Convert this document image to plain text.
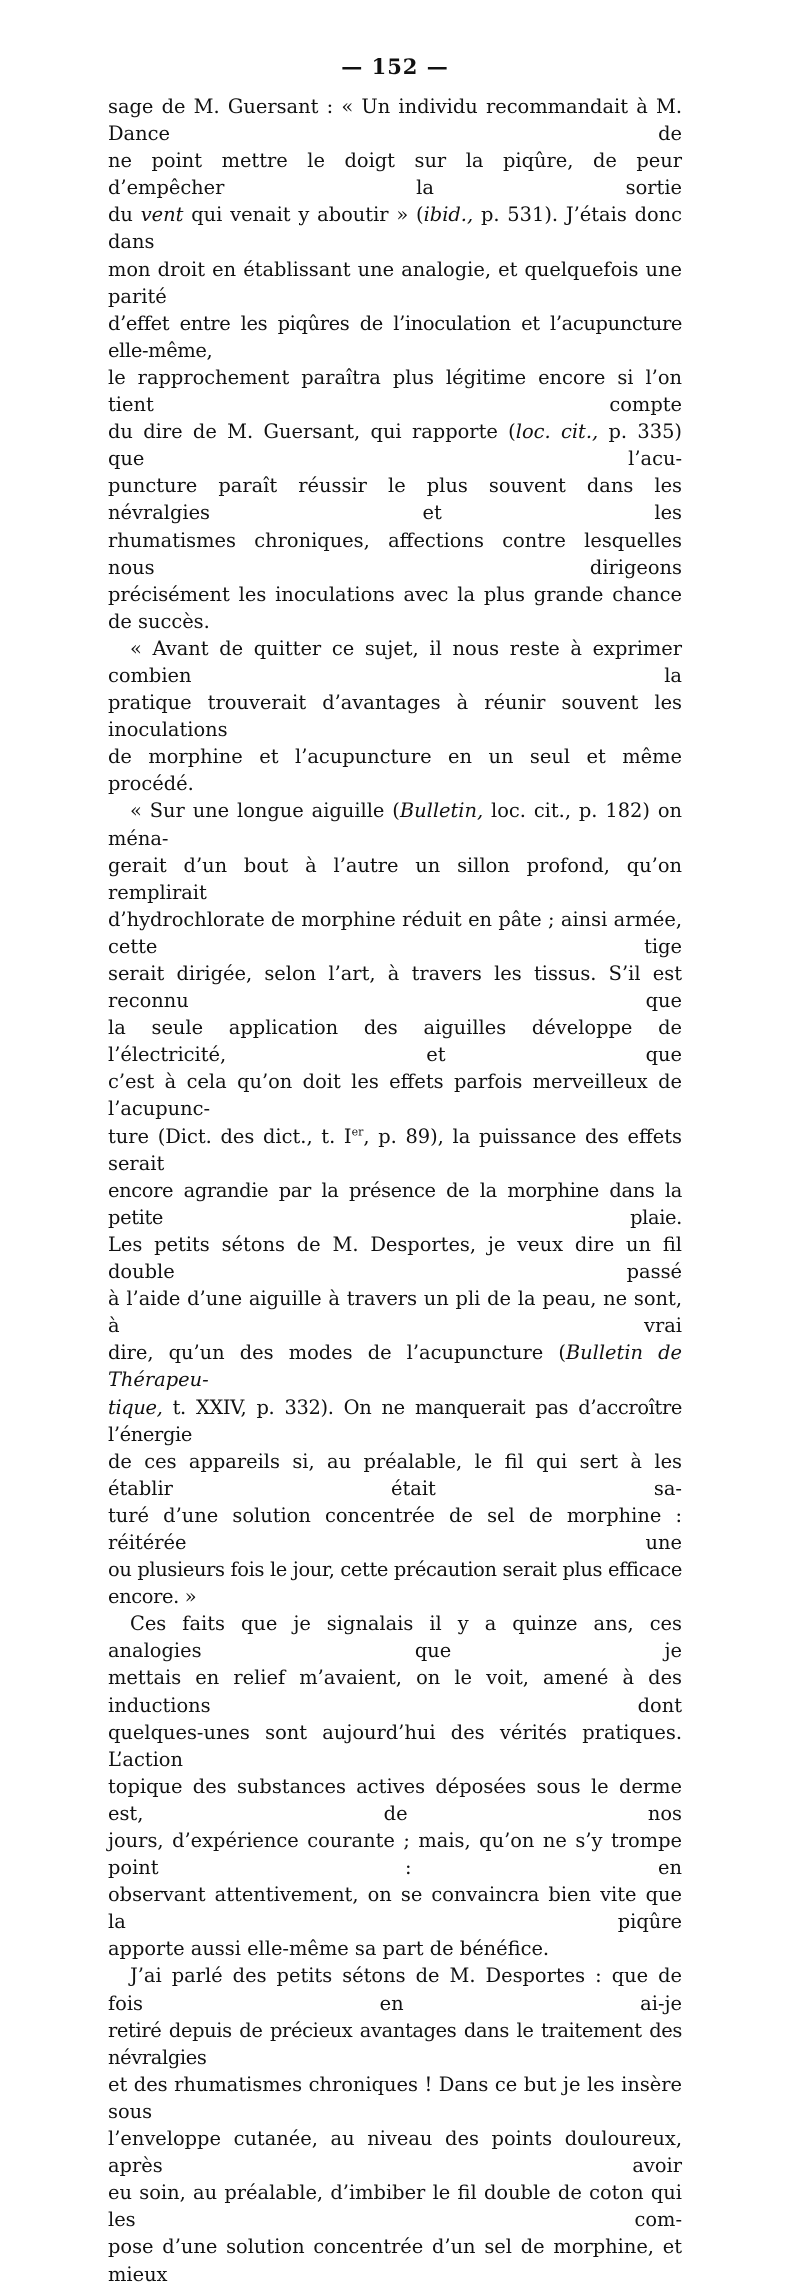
— 152 —

sage de M. Guersant : « Un individu recommandait à M. Dance de

ne point mettre le doigt sur la piqûre, de peur d’empêcher la sortie

du vent qui venait y aboutir » (ibid., p. 531). J’étais donc dans

mon droit en établissant une analogie, et quelquefois une parité

d’effet entre les piqûres de l’inoculation et l’acupuncture elle-même,

le rapprochement paraîtra plus légitime encore si l’on tient compte

du dire de M. Guersant, qui rapporte (loc. cit., p. 335) que l’acu-

puncture paraît réussir le plus souvent dans les névralgies et les

rhumatismes chroniques, affections contre lesquelles nous dirigeons

précisément les inoculations avec la plus grande chance de succès.

« Avant de quitter ce sujet, il nous reste à exprimer combien la

pratique trouverait d’avantages à réunir souvent les inoculations

de morphine et l’acupuncture en un seul et même procédé.

« Sur une longue aiguille (Bulletin, loc. cit., p. 182) on ména-

gerait d’un bout à l’autre un sillon profond, qu’on remplirait

d’hydrochlorate de morphine réduit en pâte ; ainsi armée, cette tige

serait dirigée, selon l’art, à travers les tissus. S’il est reconnu que

la seule application des aiguilles développe de l’électricité, et que

c’est à cela qu’on doit les effets parfois merveilleux de l’acupunc-

ture (Dict. des dict., t. Ier, p. 89), la puissance des effets serait

encore agrandie par la présence de la morphine dans la petite plaie.

Les petits sétons de M. Desportes, je veux dire un fil double passé

à l’aide d’une aiguille à travers un pli de la peau, ne sont, à vrai

dire, qu’un des modes de l’acupuncture (Bulletin de Thérapeu-

tique, t. XXIV, p. 332). On ne manquerait pas d’accroître l’énergie

de ces appareils si, au préalable, le fil qui sert à les établir était sa-

turé d’une solution concentrée de sel de morphine : réitérée une

ou plusieurs fois le jour, cette précaution serait plus efficace encore. »

Ces faits que je signalais il y a quinze ans, ces analogies que je

mettais en relief m’avaient, on le voit, amené à des inductions dont

quelques-unes sont aujourd’hui des vérités pratiques. L’action

topique des substances actives déposées sous le derme est, de nos

jours, d’expérience courante ; mais, qu’on ne s’y trompe point : en

observant attentivement, on se convaincra bien vite que la piqûre

apporte aussi elle-même sa part de bénéfice.

J’ai parlé des petits sétons de M. Desportes : que de fois en ai-je

retiré depuis de précieux avantages dans le traitement des névralgies

et des rhumatismes chroniques ! Dans ce but je les insère sous

l’enveloppe cutanée, au niveau des points douloureux, après avoir

eu soin, au préalable, d’imbiber le fil double de coton qui les com-

pose d’une solution concentrée d’un sel de morphine, et mieux
